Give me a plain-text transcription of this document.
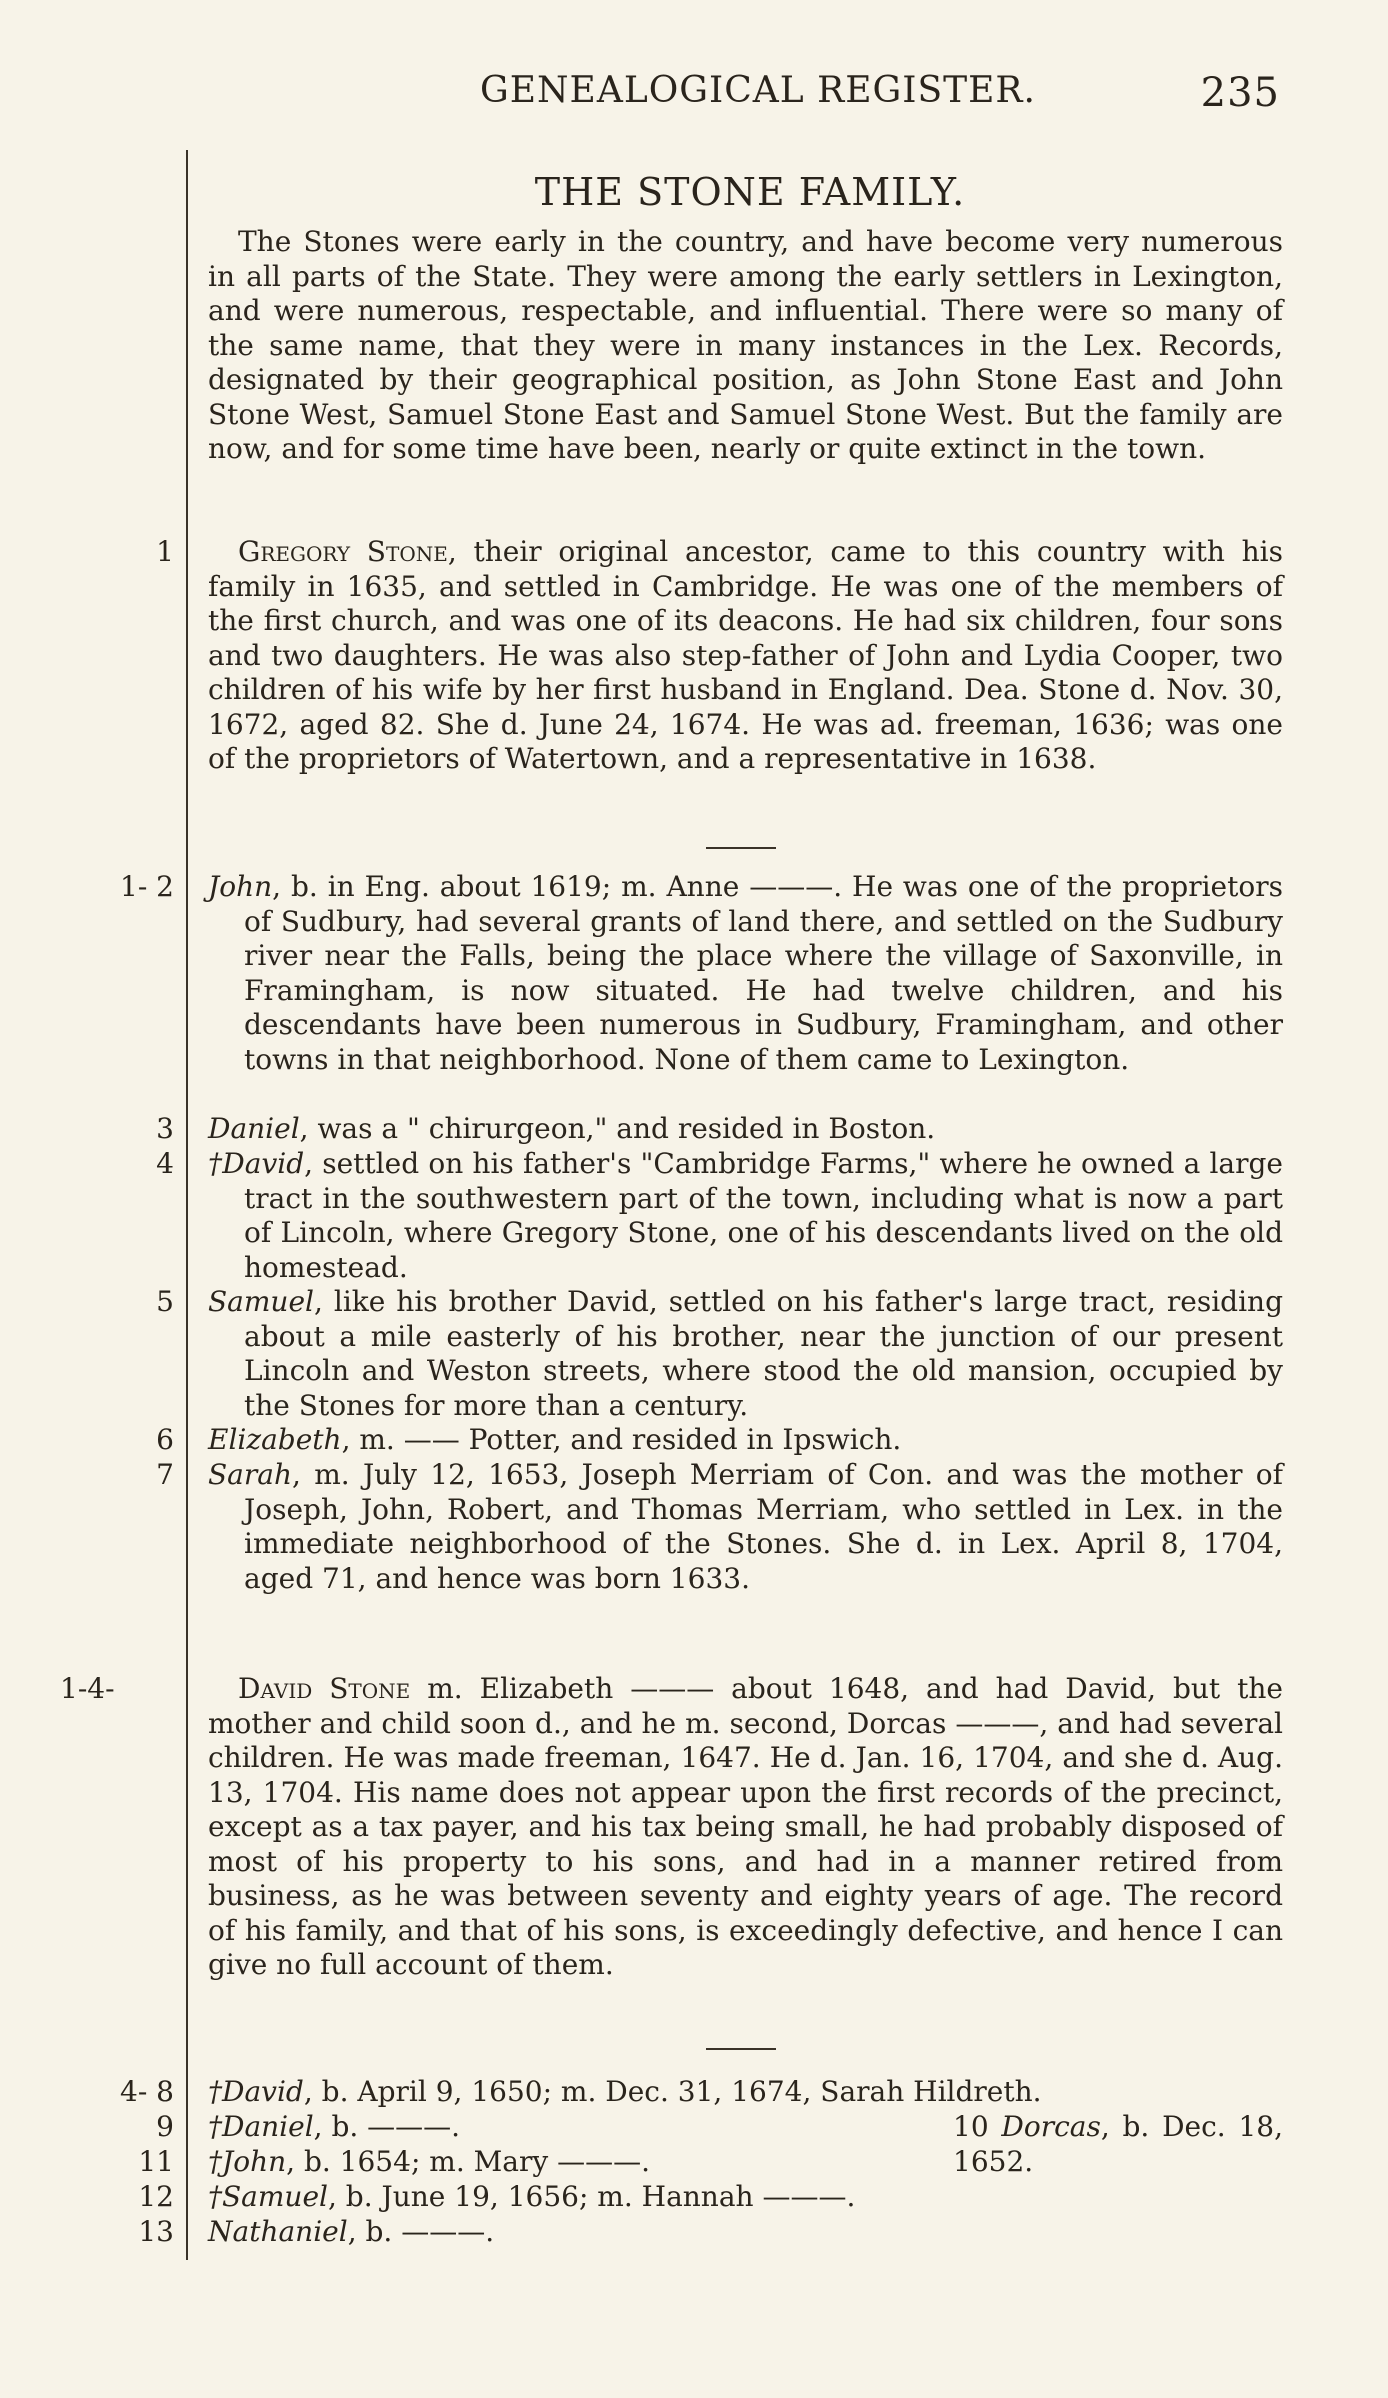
GENEALOGICAL REGISTER.	235
THE STONE FAMILY.
The Stones were early in the country, and have become very numerous in all parts of the State. They were among the early settlers in Lexington, and were numerous, respectable, and influential. There were so many of the same name, that they were in many instances in the Lex. Records, designated by their geographical position, as John Stone East and John Stone West, Samuel Stone East and Samuel Stone West. But the family are now, and for some time have been, nearly or quite extinct in the town.
1	Gregory Stone, their original ancestor, came to this country with his family in 1635, and settled in Cambridge. He was one of the members of the first church, and was one of its deacons. He had six children, four sons and two daughters. He was also step-father of John and Lydia Cooper, two children of his wife by her first husband in England. Dea. Stone d. Nov. 30, 1672, aged 82. She d. June 24, 1674. He was ad. freeman, 1636; was one of the proprietors of Watertown, and a representative in 1638.
1- 2	John, b. in Eng. about 1619; m. Anne ———. He was one of the proprietors of Sudbury, had several grants of land there, and settled on the Sudbury river near the Falls, being the place where the village of Saxonville, in Framingham, is now situated. He had twelve children, and his descendants have been numerous in Sudbury, Framingham, and other towns in that neighborhood. None of them came to Lexington.
3	Daniel, was a " chirurgeon," and resided in Boston.
4	†David, settled on his father's "Cambridge Farms," where he owned a large tract in the southwestern part of the town, including what is now a part of Lincoln, where Gregory Stone, one of his descendants lived on the old homestead.
5	Samuel, like his brother David, settled on his father's large tract, residing about a mile easterly of his brother, near the junction of our present Lincoln and Weston streets, where stood the old mansion, occupied by the Stones for more than a century.
6	Elizabeth, m. —— Potter, and resided in Ipswich.
7	Sarah, m. July 12, 1653, Joseph Merriam of Con. and was the mother of Joseph, John, Robert, and Thomas Merriam, who settled in Lex. in the immediate neighborhood of the Stones. She d. in Lex. April 8, 1704, aged 71, and hence was born 1633.
1-4-	David Stone m. Elizabeth ——— about 1648, and had David, but the mother and child soon d., and he m. second, Dorcas ———, and had several children. He was made freeman, 1647. He d. Jan. 16, 1704, and she d. Aug. 13, 1704. His name does not appear upon the first records of the precinct, except as a tax payer, and his tax being small, he had probably disposed of most of his property to his sons, and had in a manner retired from business, as he was between seventy and eighty years of age. The record of his family, and that of his sons, is exceedingly defective, and hence I can give no full account of them.
4- 8	†David, b. April 9, 1650; m. Dec. 31, 1674, Sarah Hildreth.
9	†Daniel, b. ———.	10 Dorcas, b. Dec. 18, 1652.
11	†John, b. 1654; m. Mary ———.
12	†Samuel, b. June 19, 1656; m. Hannah ———.
13	Nathaniel, b. ———.
